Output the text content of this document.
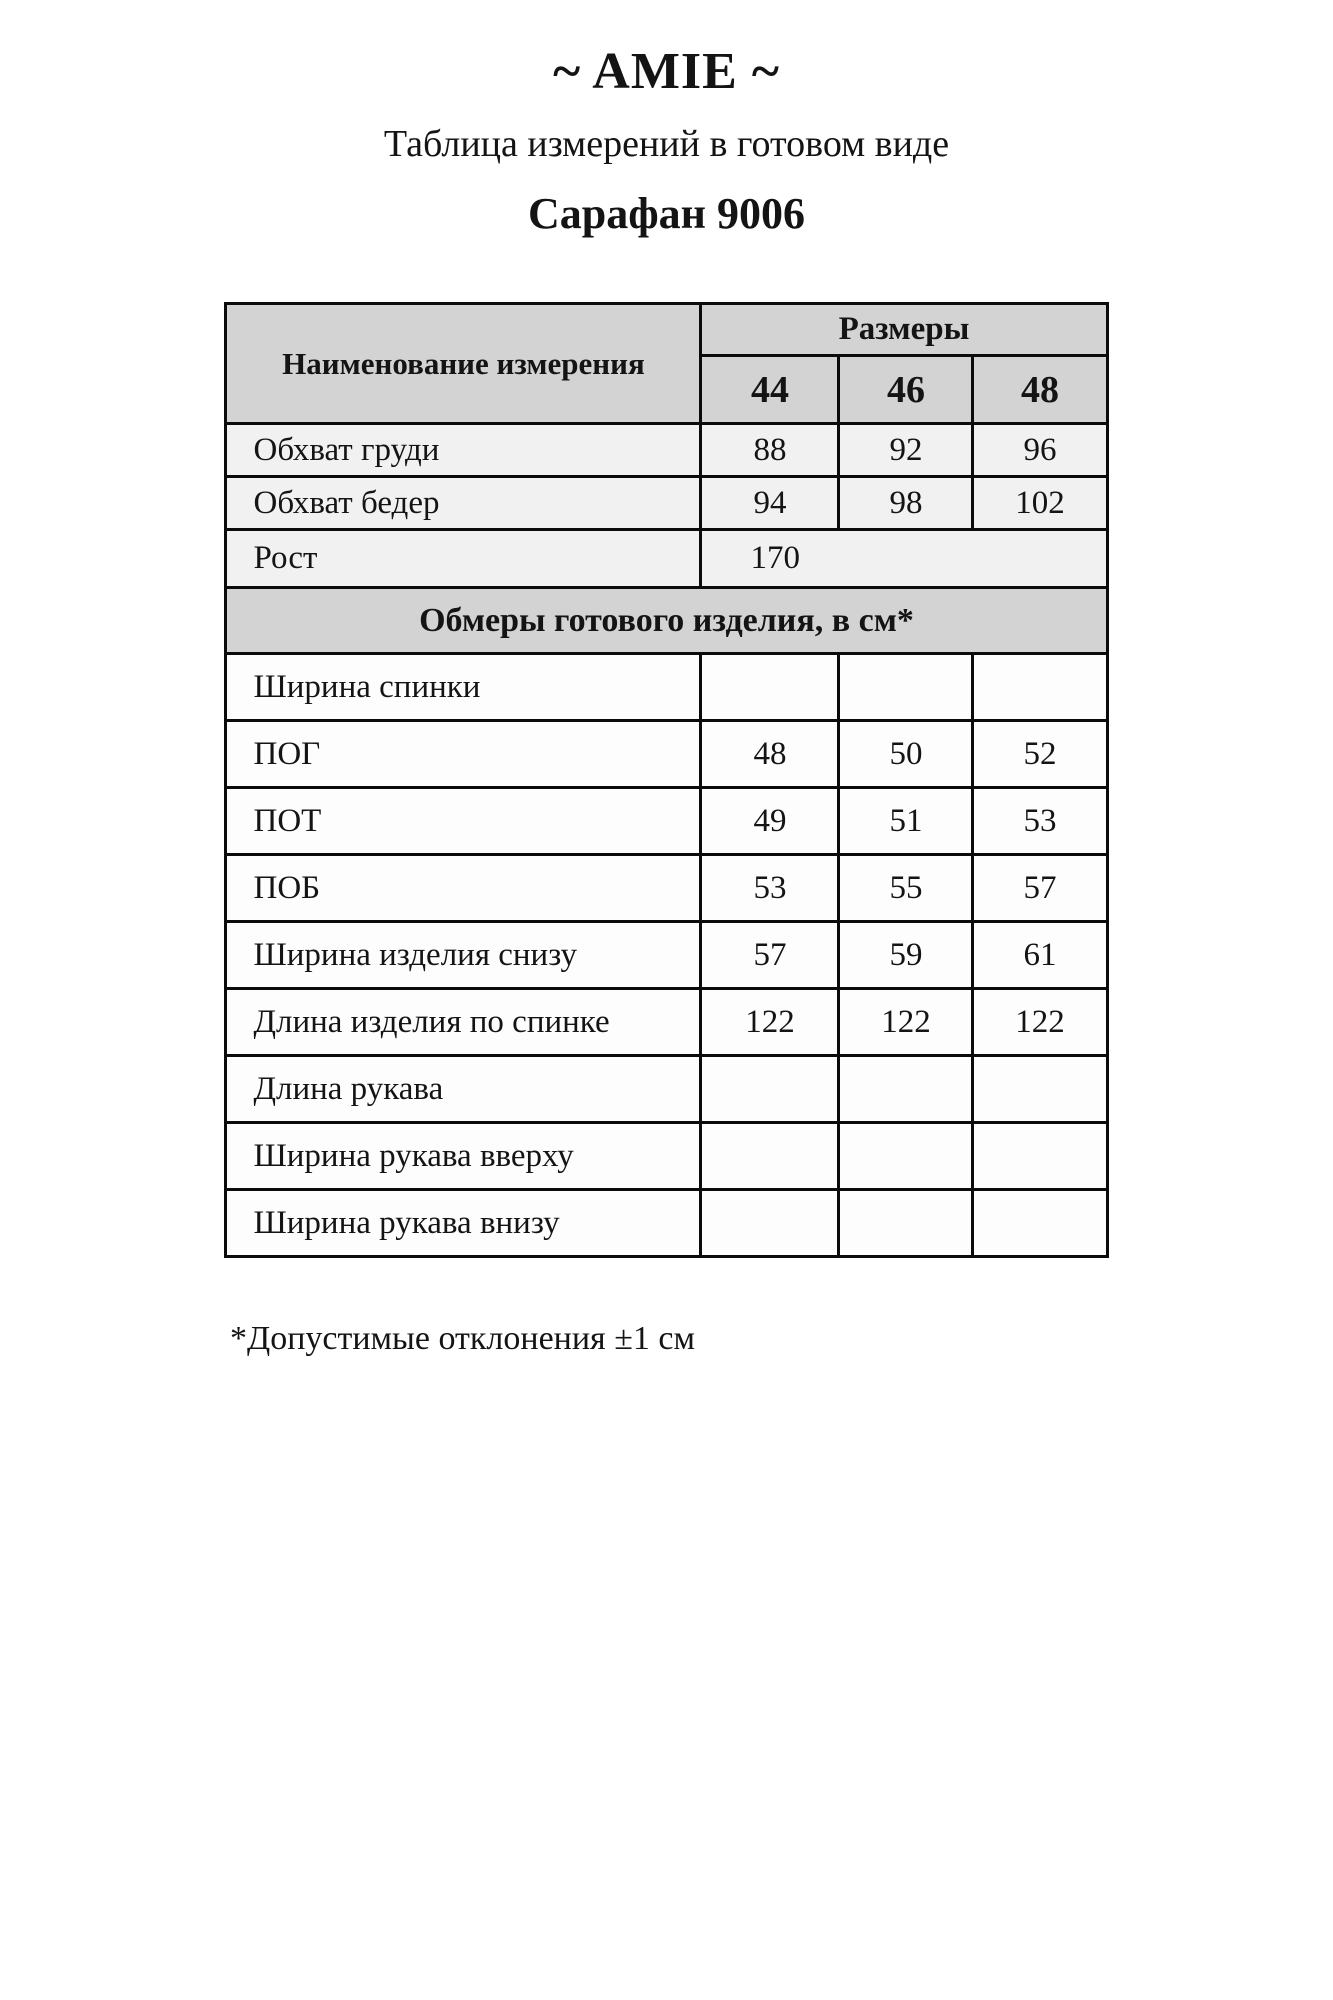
~ AMIE ~
Таблица измерений в готовом виде
Сарафан 9006
Наименование измерения	Размеры		
	44	46	48
Обхват груди	88	92	96
Обхват бедер	94	98	102
Рост	170		
Обмеры готового изделия, в см*			
Ширина спинки			
ПОГ	48	50	52
ПОТ	49	51	53
ПОБ	53	55	57
Ширина изделия снизу	57	59	61
Длина изделия по спинке	122	122	122
Длина рукава			
Ширина рукава вверху			
Ширина рукава внизу			
*Допустимые отклонения ±1 см
